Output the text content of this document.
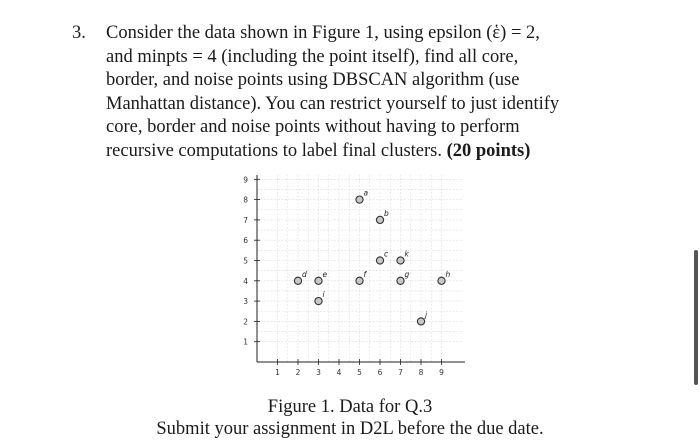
3. Consider the data shown in Figure 1, using epsilon (ἑ) = 2,
and minpts = 4 (including the point itself), find all core,
border, and noise points using DBSCAN algorithm (use
Manhattan distance). You can restrict yourself to just identify
core, border and noise points without having to perform
recursive computations to label final clusters. (20 points)
1 2 3 4 5 6 7 8 9
1
2
3
4
5
6
7
8
9
a
b
c k
d e	f	g	h
i
j
Figure 1. Data for Q.3
Submit your assignment in D2L before the due date.
